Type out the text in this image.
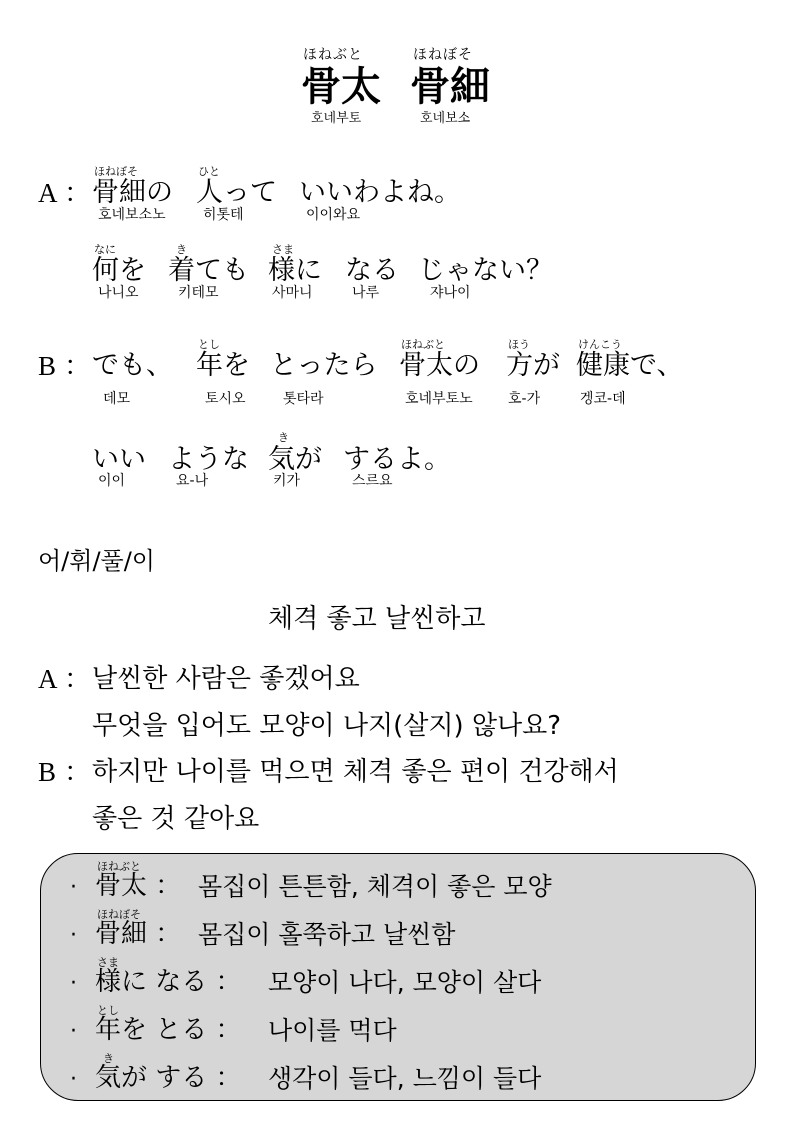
ほねぶと
骨太
호네부토
ほねぼそ
骨細
호네보소
A ：
ほねぼそ
骨細の
호네보소노
ひと
人って
히톳테
いいわよね。
이이와요
なに
何を
나니오
き
着ても
키테모
さま
様に
사마니
なる
나루
じゃない？
쟈나이
B ： でも、
데모
とし
年を
토시오
とったら
톳타라
ほねぶと
骨太の
호네부토노
ほう
方が
호-가
けんこう
健康で、
겡코-데
いい
이이
ような
요-나
き
気が
키가
するよ。
스르요
어/휘/풀/이
체격 좋고 날씬하고
A ： 날씬한 사람은 좋겠어요
무엇을 입어도 모양이 나지(살지) 않나요?
B ： 하지만 나이를 먹으면 체격 좋은 편이 건강해서
좋은 것 같아요
·
ほねぶと
骨太 ： 몸집이 튼튼함, 체격이 좋은 모양
·
ほねぼそ
骨細 ： 몸집이 홀쭉하고 날씬함
·
さま
様に なる ： 모양이 나다, 모양이 살다
·
とし
年を とる ： 나이를 먹다
·
き
気が する ： 생각이 들다, 느낌이 들다
